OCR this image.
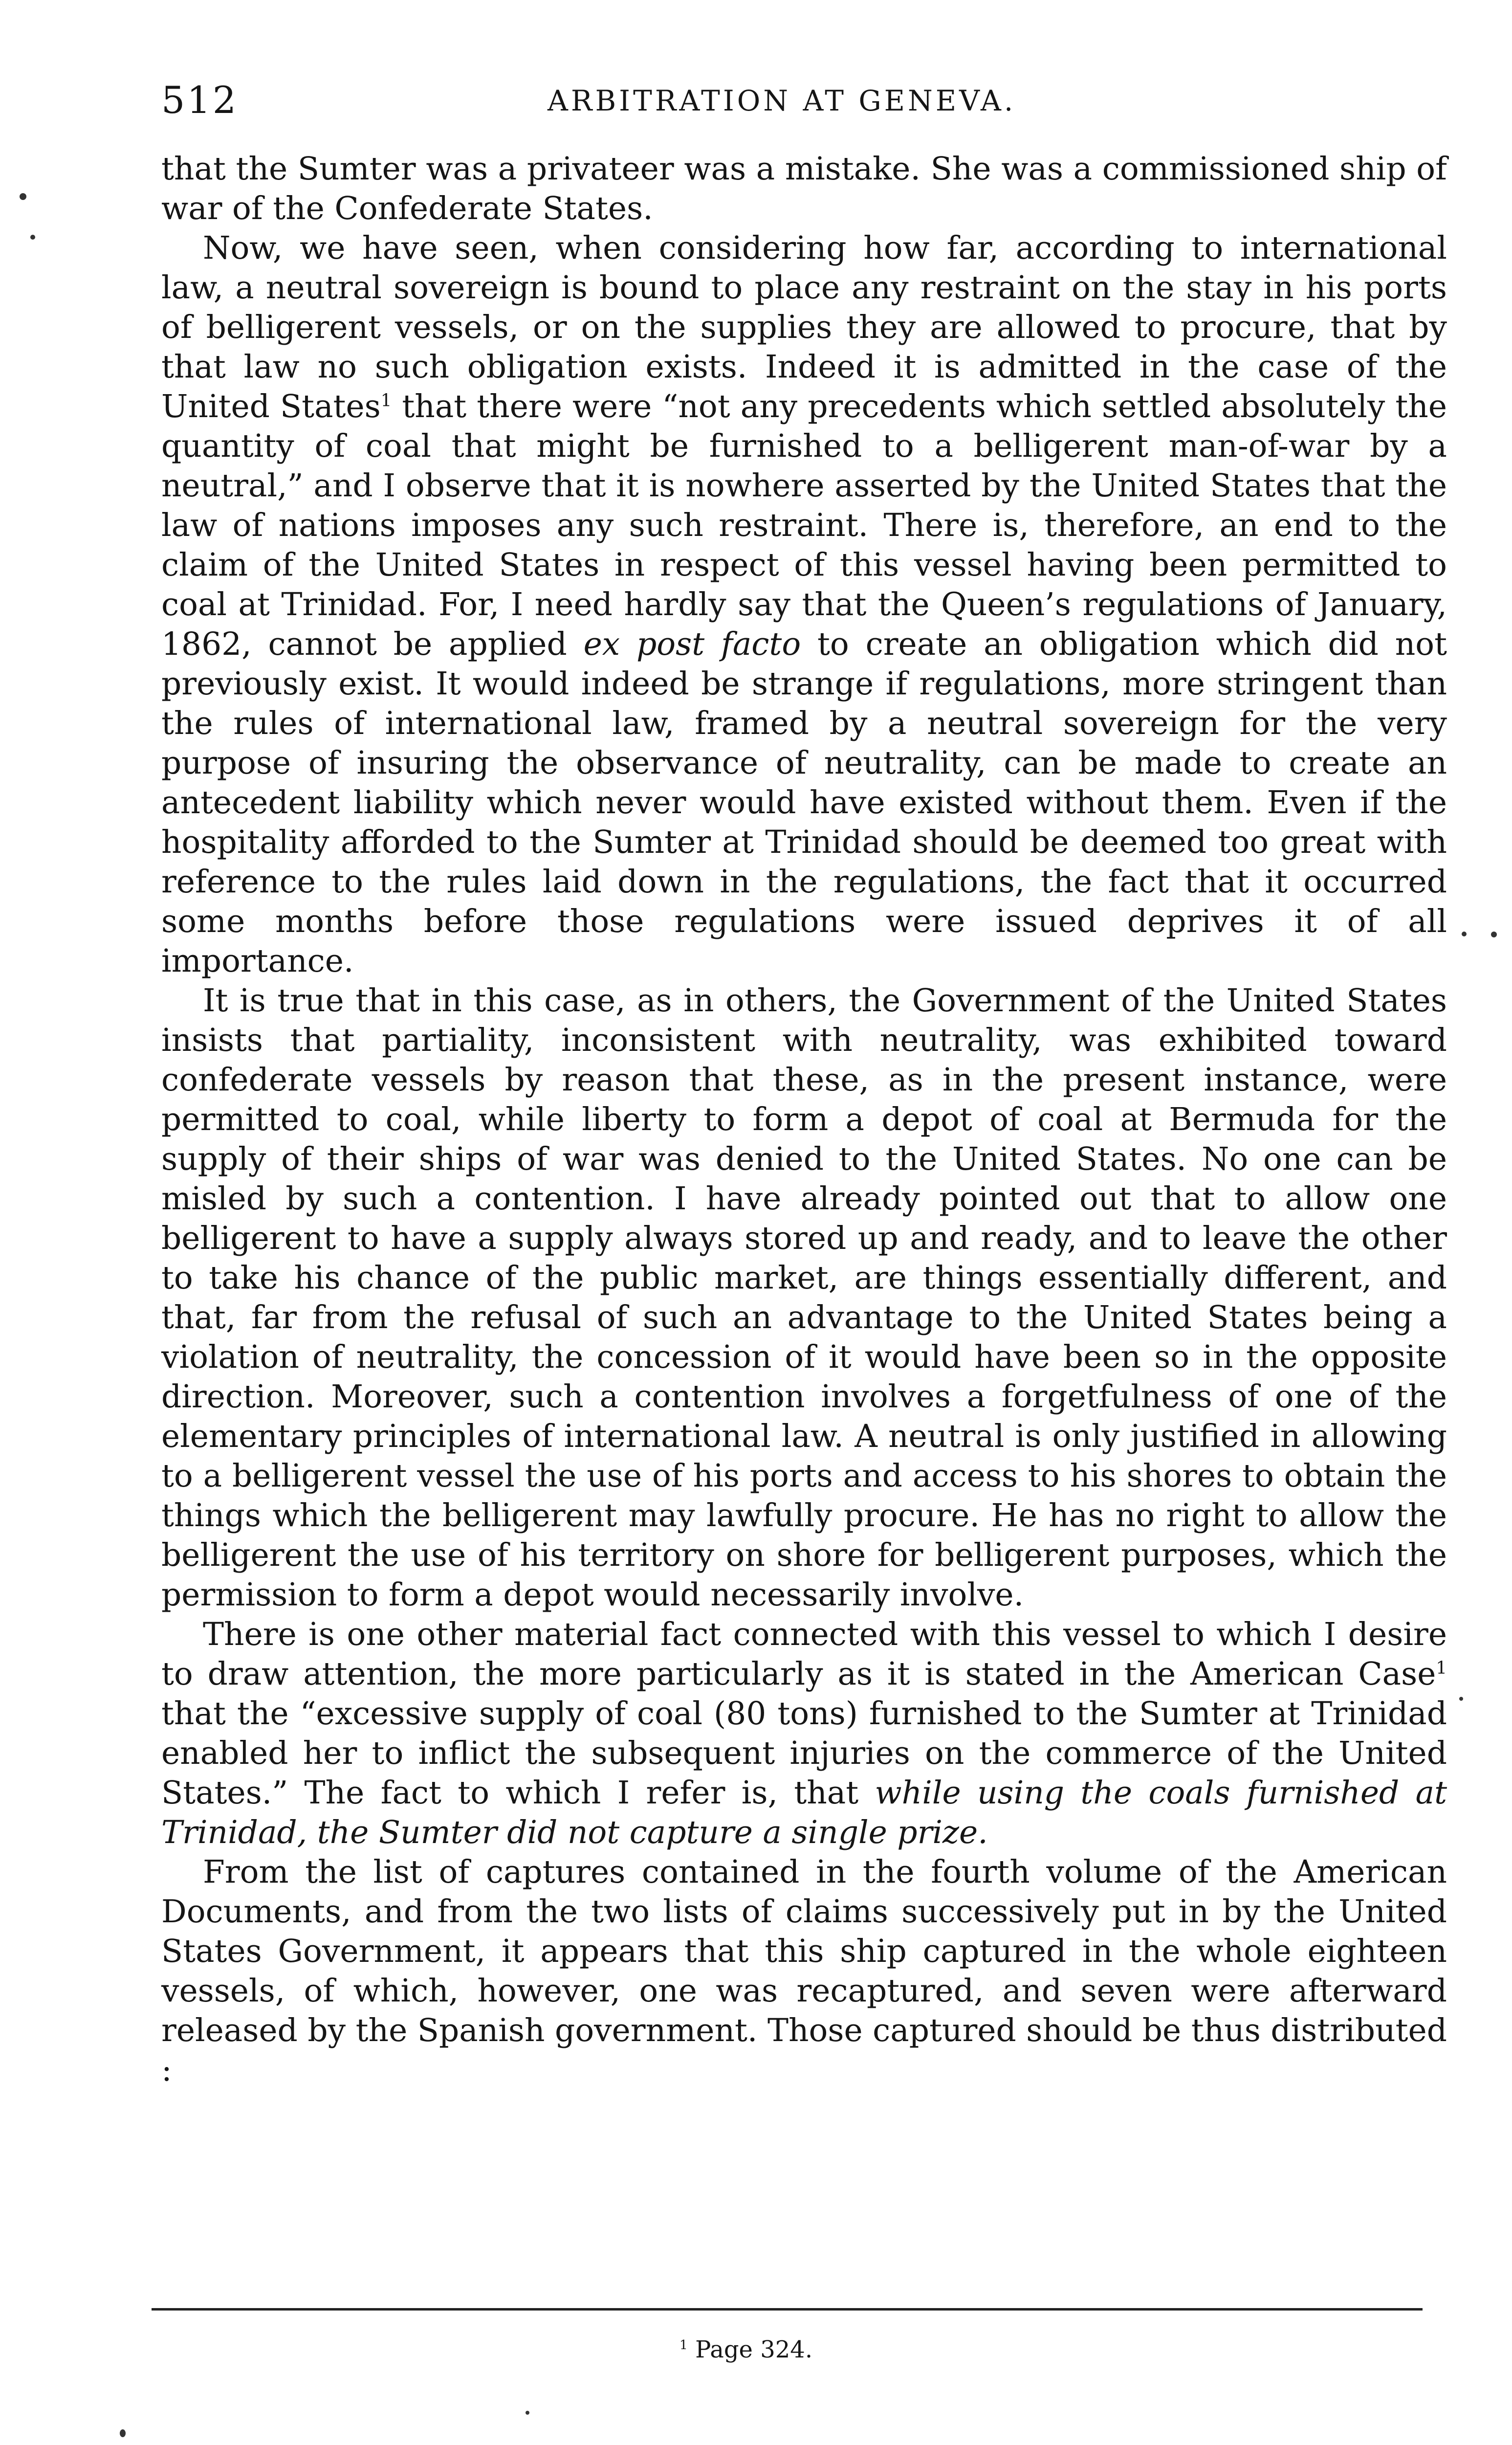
512	ARBITRATION AT GENEVA.

that the Sumter was a privateer was a mistake. She was a commissioned ship of war of the Confederate States.

Now, we have seen, when considering how far, according to international law, a neutral sovereign is bound to place any restraint on the stay in his ports of belligerent vessels, or on the supplies they are allowed to procure, that by that law no such obligation exists. Indeed it is admitted in the case of the United States$^1$ that there were “not any precedents which settled absolutely the quantity of coal that might be furnished to a belligerent man-of-war by a neutral,” and I observe that it is nowhere asserted by the United States that the law of nations imposes any such restraint. There is, therefore, an end to the claim of the United States in respect of this vessel having been permitted to coal at Trinidad. For, I need hardly say that the Queen’s regulations of January, 1862, cannot be applied ex post facto to create an obligation which did not previously exist. It would indeed be strange if regulations, more stringent than the rules of international law, framed by a neutral sovereign for the very purpose of insuring the observance of neutrality, can be made to create an antecedent liability which never would have existed without them. Even if the hospitality afforded to the Sumter at Trinidad should be deemed too great with reference to the rules laid down in the regulations, the fact that it occurred some months before those regulations were issued deprives it of all importance.

It is true that in this case, as in others, the Government of the United States insists that partiality, inconsistent with neutrality, was exhibited toward confederate vessels by reason that these, as in the present instance, were permitted to coal, while liberty to form a depot of coal at Bermuda for the supply of their ships of war was denied to the United States. No one can be misled by such a contention. I have already pointed out that to allow one belligerent to have a supply always stored up and ready, and to leave the other to take his chance of the public market, are things essentially different, and that, far from the refusal of such an advantage to the United States being a violation of neutrality, the concession of it would have been so in the opposite direction. Moreover, such a contention involves a forgetfulness of one of the elementary principles of international law. A neutral is only justified in allowing to a belligerent vessel the use of his ports and access to his shores to obtain the things which the belligerent may lawfully procure. He has no right to allow the belligerent the use of his territory on shore for belligerent purposes, which the permission to form a depot would necessarily involve.

There is one other material fact connected with this vessel to which I desire to draw attention, the more particularly as it is stated in the American Case$^1$ that the “excessive supply of coal (80 tons) furnished to the Sumter at Trinidad enabled her to inflict the subsequent injuries on the commerce of the United States.” The fact to which I refer is, that while using the coals furnished at Trinidad, the Sumter did not capture a single prize.

From the list of captures contained in the fourth volume of the American Documents, and from the two lists of claims successively put in by the United States Government, it appears that this ship captured in the whole eighteen vessels, of which, however, one was recaptured, and seven were afterward released by the Spanish government. Those captured should be thus distributed :

$^1$ Page 324.
